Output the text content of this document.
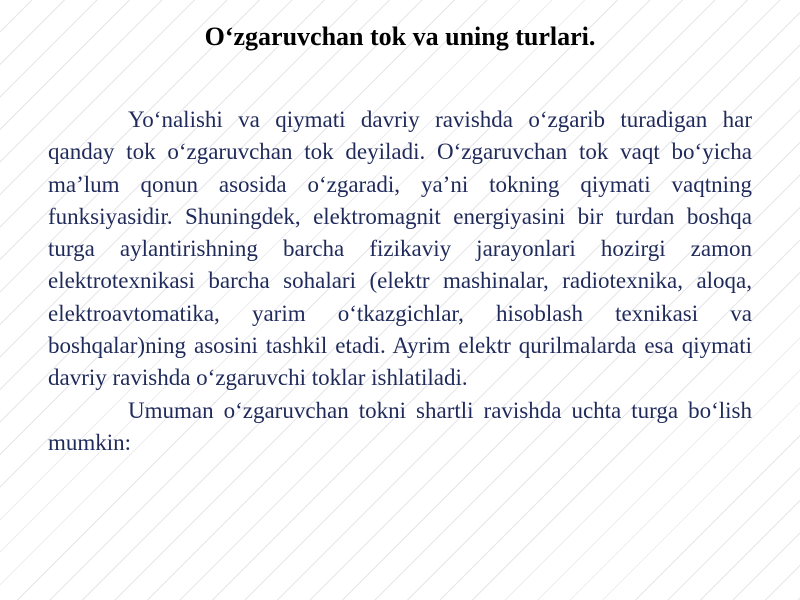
O‘zgaruvchan tok va uning turlari.

Yo‘nalishi va qiymati davriy ravishda o‘zgarib turadigan har qanday tok o‘zgaruvchan tok deyiladi. O‘zgaruvchan tok vaqt bo‘yicha ma’lum qonun asosida o‘zgaradi, ya’ni tokning qiymati vaqtning funksiyasidir. Shuningdek, elektromagnit energiyasini bir turdan boshqa turga aylantirishning barcha fizikaviy jarayonlari hozirgi zamon elektrotexnikasi barcha sohalari (elektr mashinalar, radiotexnika, aloqa, elektroavtomatika, yarim o‘tkazgichlar, hisoblash texnikasi va boshqalar)ning asosini tashkil etadi. Ayrim elektr qurilmalarda esa qiymati davriy ravishda o‘zgaruvchi toklar ishlatiladi.

Umuman o‘zgaruvchan tokni shartli ravishda uchta turga bo‘lish mumkin:
